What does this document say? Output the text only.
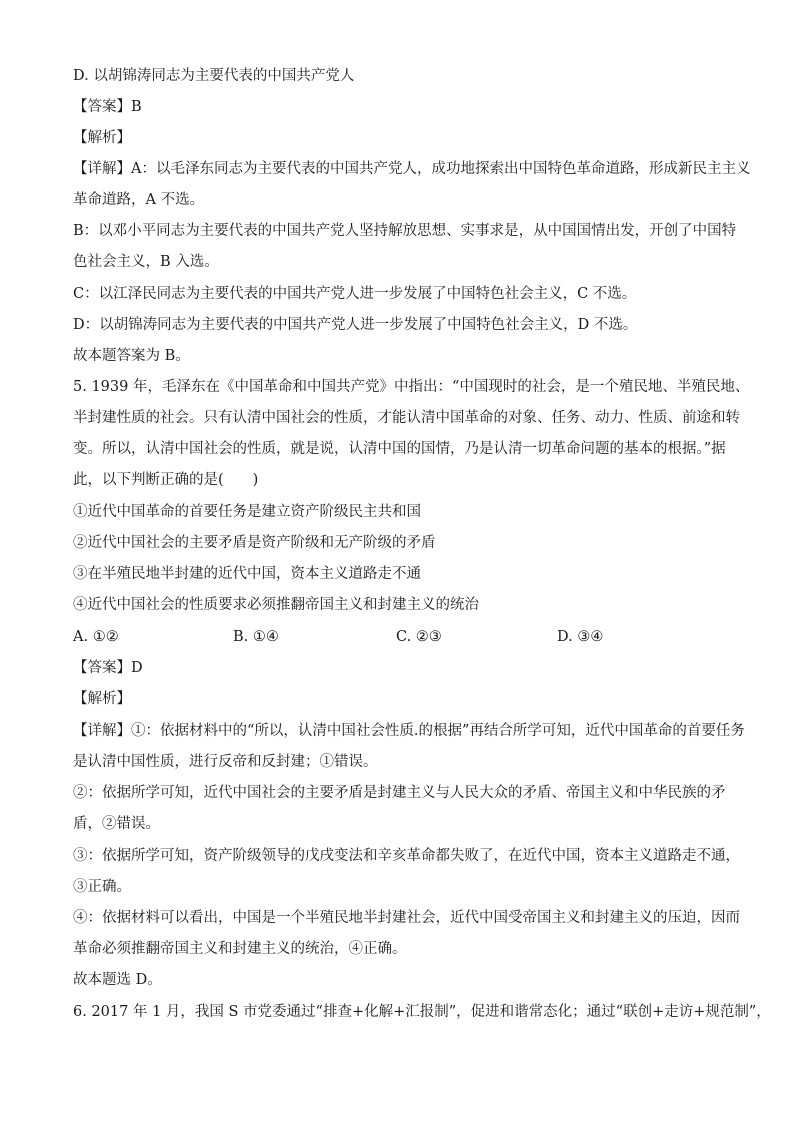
D. 以胡锦涛同志为主要代表的中国共产党人
【答案】B
【解析】
【详解】A：以毛泽东同志为主要代表的中国共产党人，成功地探索出中国特色革命道路，形成新民主主义
革命道路，A 不选。
B：以邓小平同志为主要代表的中国共产党人坚持解放思想、实事求是，从中国国情出发，开创了中国特
色社会主义，B 入选。
C：以江泽民同志为主要代表的中国共产党人进一步发展了中国特色社会主义，C 不选。
D：以胡锦涛同志为主要代表的中国共产党人进一步发展了中国特色社会主义，D 不选。
故本题答案为 B。
5. 1939 年，毛泽东在《中国革命和中国共产党》中指出：“中国现时的社会，是一个殖民地、半殖民地、
半封建性质的社会。只有认清中国社会的性质，才能认清中国革命的对象、任务、动力、性质、前途和转
变。所以，认清中国社会的性质，就是说，认清中国的国情，乃是认清一切革命问题的基本的根据。”据
此，以下判断正确的是(　　)
①近代中国革命的首要任务是建立资产阶级民主共和国
②近代中国社会的主要矛盾是资产阶级和无产阶级的矛盾
③在半殖民地半封建的近代中国，资本主义道路走不通
④近代中国社会的性质要求必须推翻帝国主义和封建主义的统治
A. ①②	B. ①④	C. ②③	D. ③④
【答案】D
【解析】
【详解】①：依据材料中的“所以，认清中国社会性质.的根据”再结合所学可知，近代中国革命的首要任务
是认清中国性质，进行反帝和反封建；①错误。
②：依据所学可知，近代中国社会的主要矛盾是封建主义与人民大众的矛盾、帝国主义和中华民族的矛
盾，②错误。
③：依据所学可知，资产阶级领导的戊戌变法和辛亥革命都失败了，在近代中国，资本主义道路走不通，
③正确。
④：依据材料可以看出，中国是一个半殖民地半封建社会，近代中国受帝国主义和封建主义的压迫，因而
革命必须推翻帝国主义和封建主义的统治，④正确。
故本题选 D。
6. 2017 年 1 月，我国 S 市党委通过“排查+化解+汇报制”，促进和谐常态化；通过“联创+走访+规范制”，
